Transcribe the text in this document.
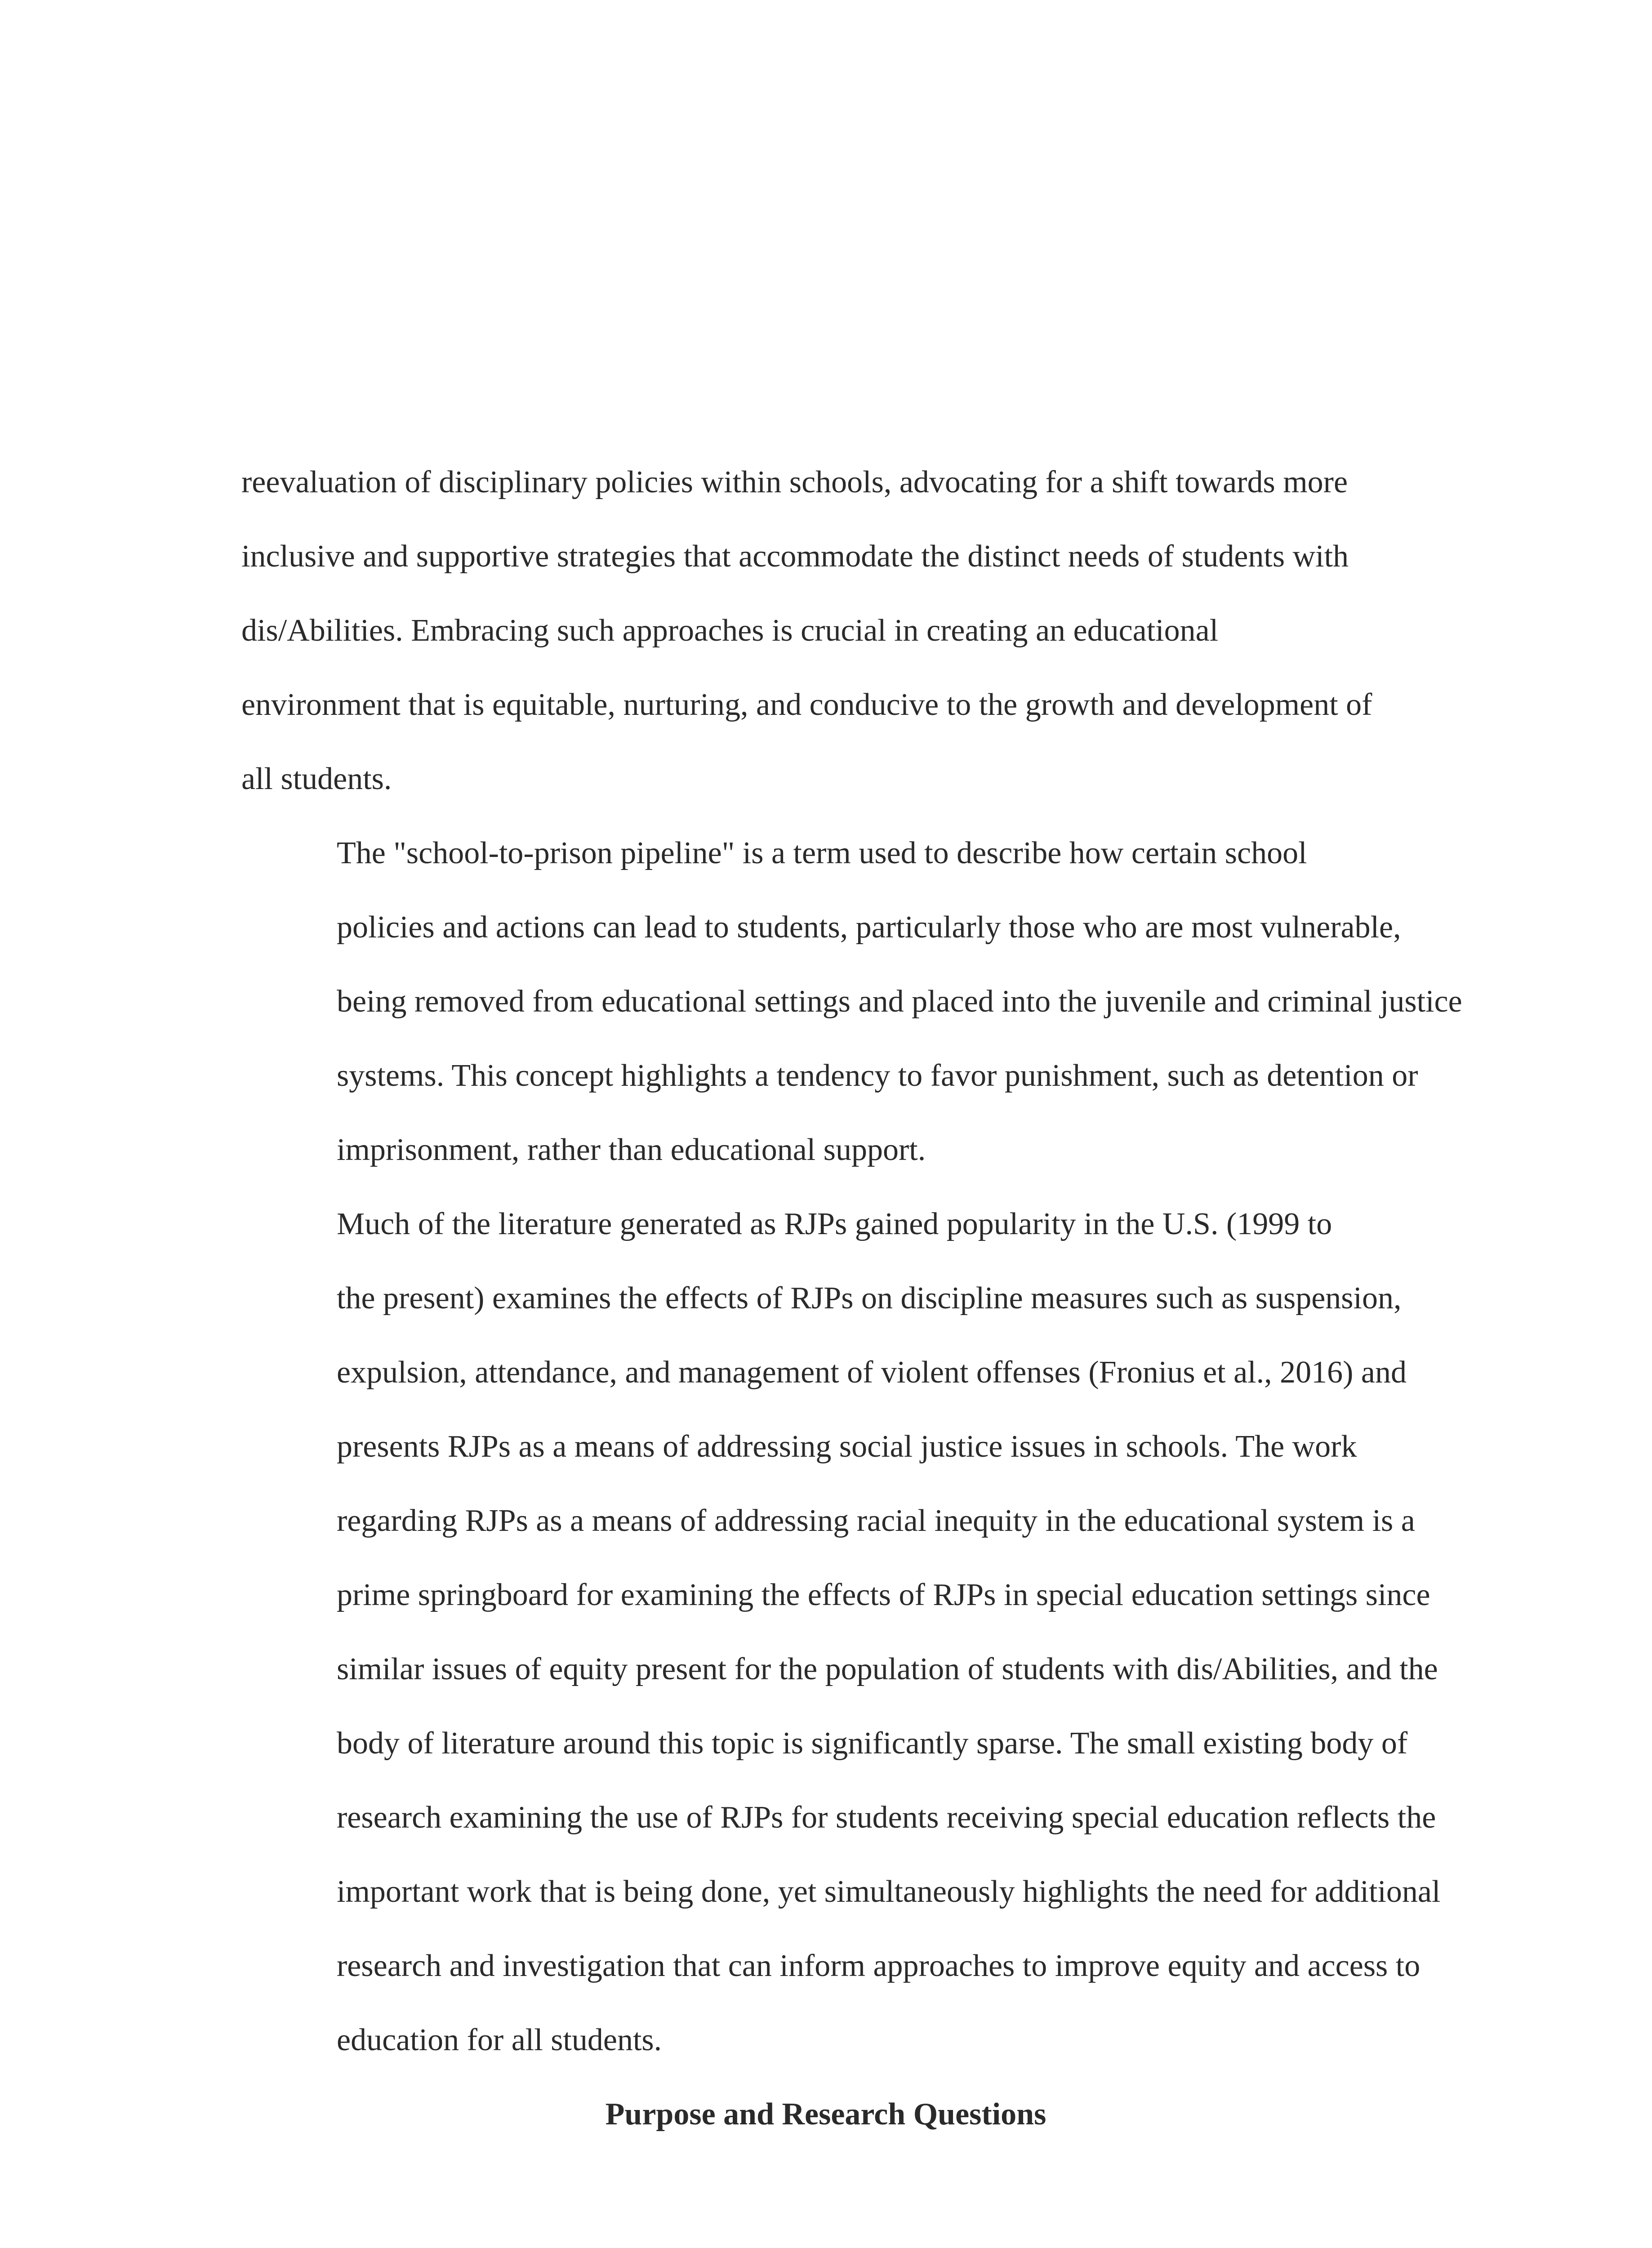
reevaluation of disciplinary policies within schools, advocating for a shift towards more
inclusive and supportive strategies that accommodate the distinct needs of students with
dis/Abilities. Embracing such approaches is crucial in creating an educational
environment that is equitable, nurturing, and conducive to the growth and development of
all students.

The "school-to-prison pipeline" is a term used to describe how certain school
policies and actions can lead to students, particularly those who are most vulnerable,
being removed from educational settings and placed into the juvenile and criminal justice
systems. This concept highlights a tendency to favor punishment, such as detention or
imprisonment, rather than educational support.

Much of the literature generated as RJPs gained popularity in the U.S. (1999 to
the present) examines the effects of RJPs on discipline measures such as suspension,
expulsion, attendance, and management of violent offenses (Fronius et al., 2016) and
presents RJPs as a means of addressing social justice issues in schools. The work
regarding RJPs as a means of addressing racial inequity in the educational system is a
prime springboard for examining the effects of RJPs in special education settings since
similar issues of equity present for the population of students with dis/Abilities, and the
body of literature around this topic is significantly sparse. The small existing body of
research examining the use of RJPs for students receiving special education reflects the
important work that is being done, yet simultaneously highlights the need for additional
research and investigation that can inform approaches to improve equity and access to
education for all students.

Purpose and Research Questions
